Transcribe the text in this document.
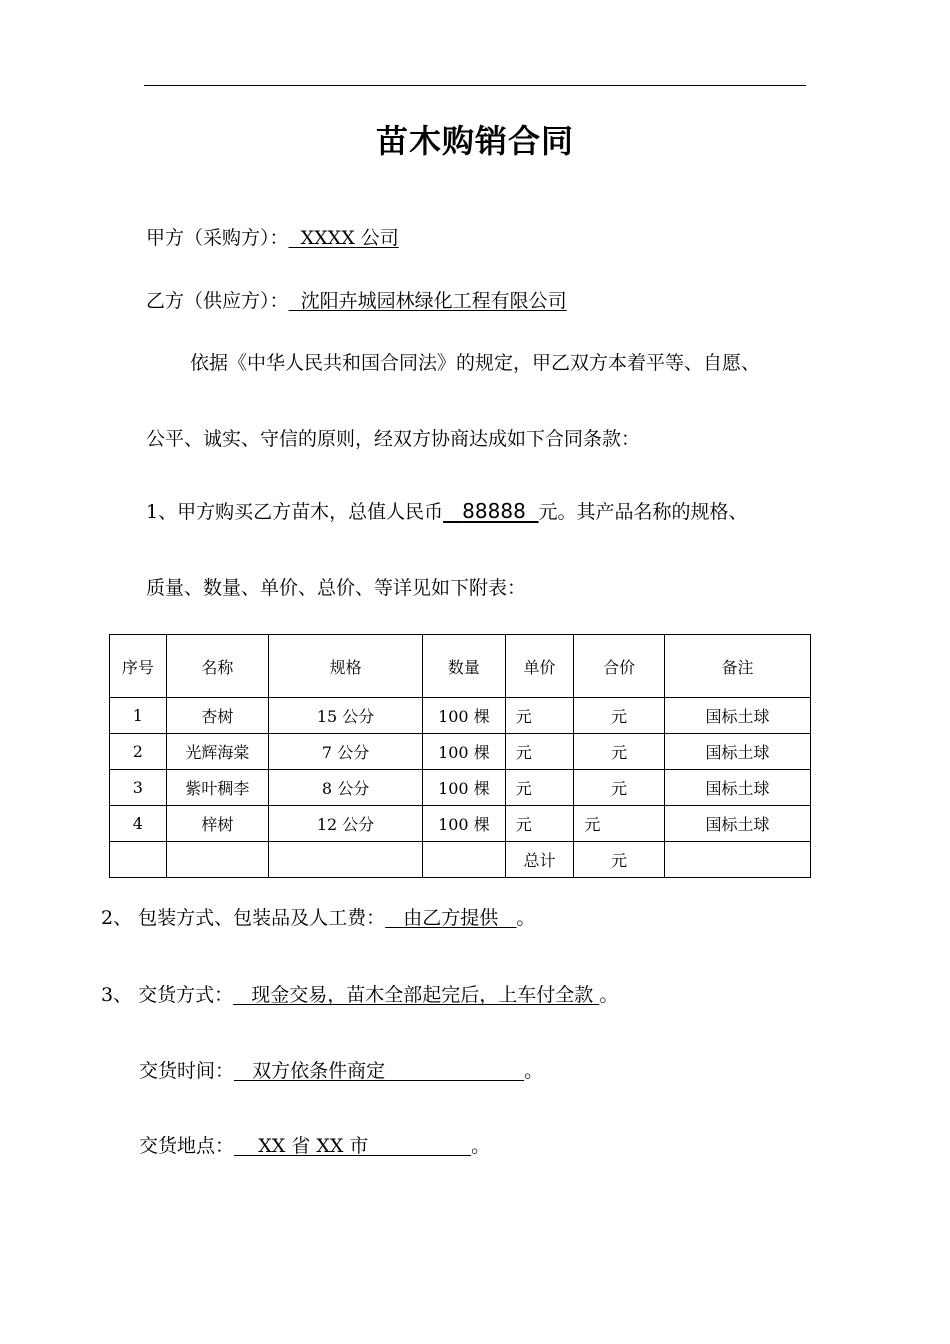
苗木购销合同
甲方（采购方）： XXXX 公司
乙方（供应方）： 沈阳卉城园林绿化工程有限公司
依据《中华人民共和国合同法》的规定，甲乙双方本着平等、自愿、
公平、诚实、守信的原则，经双方协商达成如下合同条款：
1、甲方购买乙方苗木，总值人民币 88888 元。其产品名称的规格、
质量、数量、单价、总价、等详见如下附表：
序号	名称	规格	数量	单价	合价	备注
1	杏树	15 公分	100 棵	元	元	国标土球
2	光辉海棠	7 公分	100 棵	元	元	国标土球
3	紫叶稠李	8 公分	100 棵	元	元	国标土球
4	梓树	12 公分	100 棵	元	元	国标土球
				总计	元	
2、 包装方式、包装品及人工费： 由乙方提供 。
3、 交货方式： 现金交易，苗木全部起完后，上车付全款 。
交货时间： 双方依条件商定	。
交货地点： XX 省 XX 市	。
